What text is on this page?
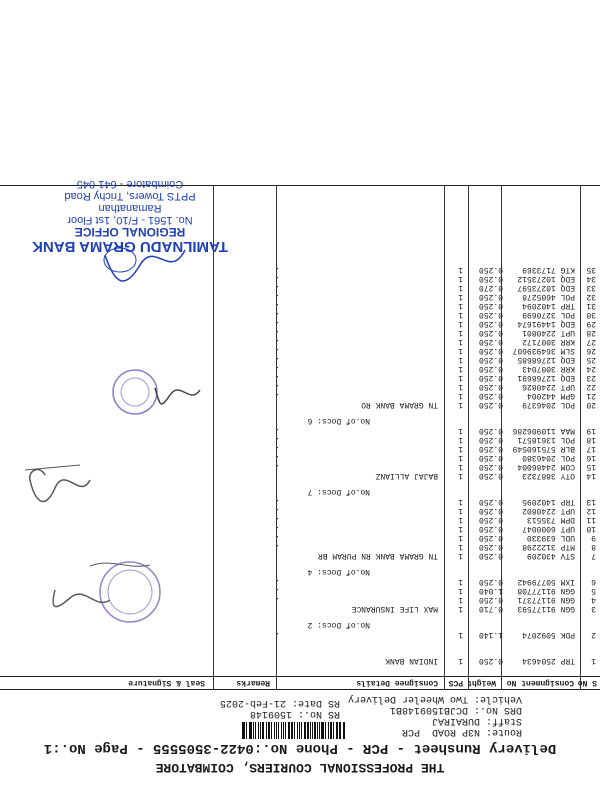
THE PROFESSIONAL COURIERS, COIMBATORE
Delivery Runsheet - PCR - Phone No.:0422-3505555 - Page No.:1
Route: N3P ROAD  PCR
Staff: DURAIRAJ
DRS No.: DCJB1509148B1
Vehicle: Two Wheeler Delivery
RS No.: 1509148
RS Date: 21-Feb-2025
S No
Consignment No
Weight
PCS
Consignee Details
Remarks
Seal & Signature
1
TRP 2504634
0.250
1
INDIAN BANK
2
PDK 5092074
1.140
1
.
No.of Docs: 2
3
GGN 91177593
0.710
1
MAX LIFE INSURANCE
4
GGN 91177371
0.250
1
.
5
GGN 91177708
1.040
1
.
6
IXM 50779942
0.250
1
.
No.of Docs: 4
7
STV 430209
0.250
1
TN GRAMA BANK RN PURAM BR
8
MTP 3122298
0.250
1
.
9
UDL 639330
0.250
1
.
10
UPT 6000047
0.250
1
.
11
DPM 735513
0.250
1
.
12
UPT 2240802
0.250
1
.
13
TRP 1402095
0.250
1
.
No.of Docs: 7
14
OTY 3887323
0.250
1
BAJAJ ALLIANZ
15
COM 24486004
0.250
1
.
16
POL 2046380
0.250
1
.
17
BLR 575160549
0.250
1
.
18
POL 13618571
0.250
1
.
19
MAA 110906286
0.250
1
.
No.of Docs: 6
20
POL 2046379
0.250
1
TN GRAMA BANK RO
21
GPM 442004
0.250
1
.
22
UPT 2240826
0.250
1
.
23
EDQ 12768691
0.250
1
.
24
KRR 3007043
0.250
1
.
25
EDQ 12768685
0.250
1
.
26
SLM 364939607
0.250
1
.
27
KRR 3007172
0.250
1
.
28
UPT 2240801
0.250
1
.
29
EDQ 14491674
0.250
1
.
30
POL 3270699
0.250
1
.
31
TRP 1402094
0.250
1
.
32
POL 4605278
0.250
1
.
33
EDQ 10273597
0.270
1
.
34
EDQ 10273512
0.250
1
.
35
KTG 7173369
0.250
1
.
TAMILNADU GRAMA BANK
REGIONAL OFFICE
No. 1561 - F/10, 1st Floor
Ramanathan
PPTS Towers, Trichy Road
Coimbatore - 641 045
